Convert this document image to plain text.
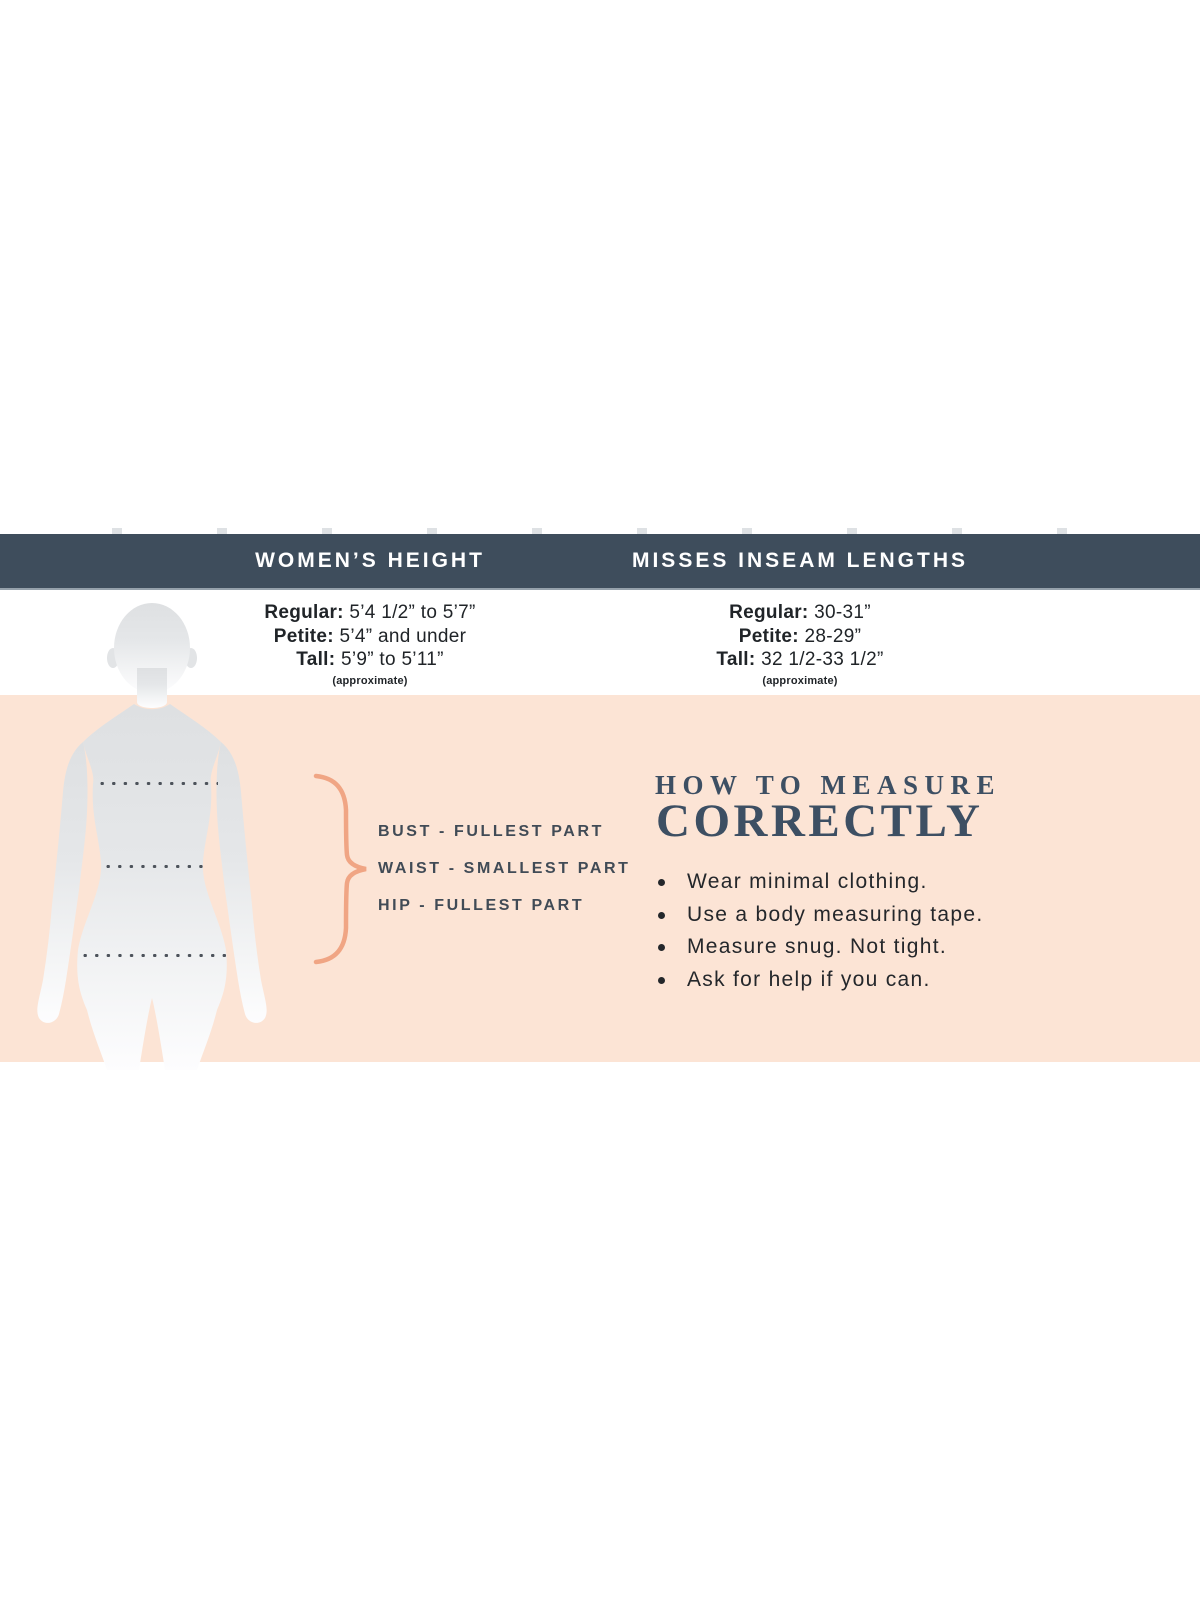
WOMEN’S HEIGHT	MISSES INSEAM LENGTHS

Regular: 5’4 1/2” to 5’7”

Petite: 5’4” and under

Tall: 5’9” to 5’11”

(approximate)

Regular: 30-31”

Petite: 28-29”

Tall: 32 1/2-33 1/2”

(approximate)

BUST - FULLEST PART
WAIST - SMALLEST PART
HIP - FULLEST PART
HOW TO MEASURE
CORRECTLY
Wear minimal clothing.
Use a body measuring tape.
Measure snug. Not tight.
Ask for help if you can.
